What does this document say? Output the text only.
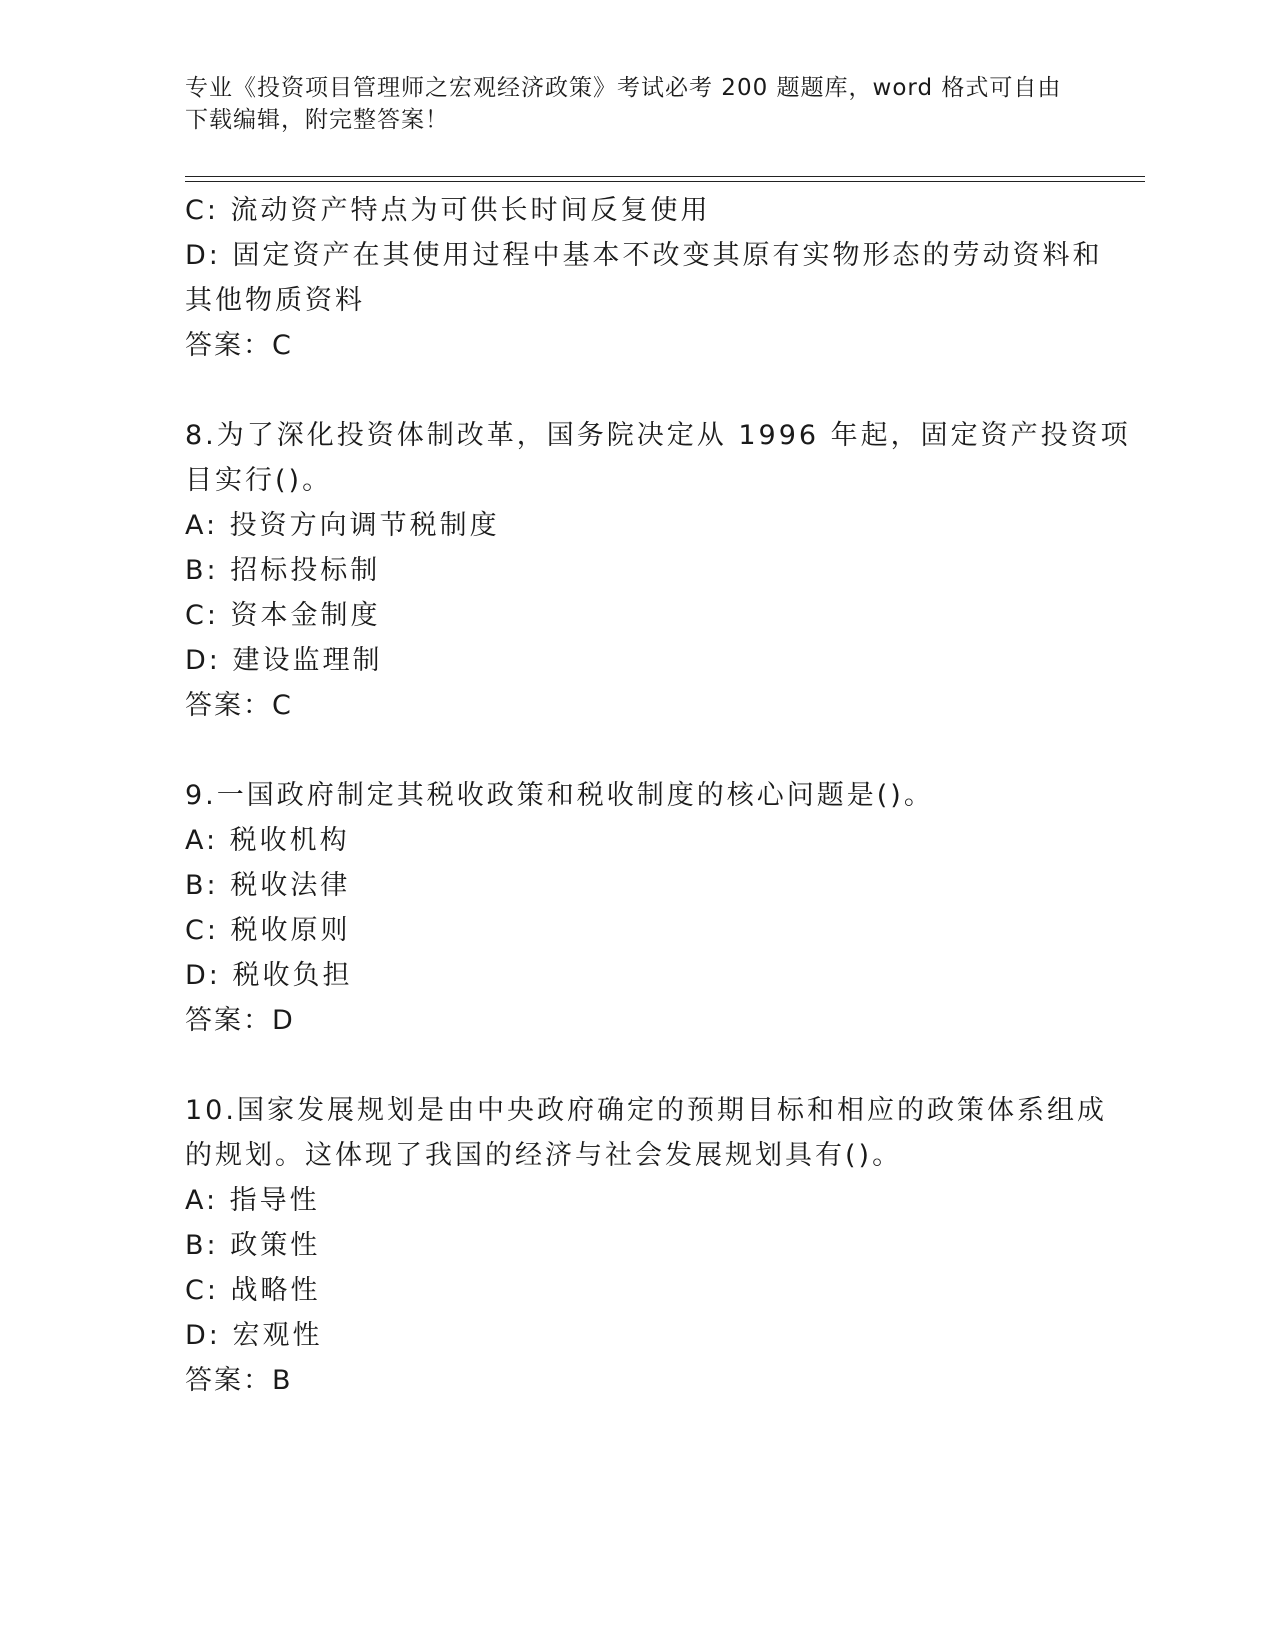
专业《投资项目管理师之宏观经济政策》考试必考 200 题题库，word 格式可自由
下载编辑，附完整答案！
C: 流动资产特点为可供长时间反复使用
D: 固定资产在其使用过程中基本不改变其原有实物形态的劳动资料和
其他物质资料
答案：C
8.为了深化投资体制改革，国务院决定从 1996 年起，固定资产投资项
目实行()。
A: 投资方向调节税制度
B: 招标投标制
C: 资本金制度
D: 建设监理制
答案：C
9.一国政府制定其税收政策和税收制度的核心问题是()。
A: 税收机构
B: 税收法律
C: 税收原则
D: 税收负担
答案：D
10.国家发展规划是由中央政府确定的预期目标和相应的政策体系组成
的规划。这体现了我国的经济与社会发展规划具有()。
A: 指导性
B: 政策性
C: 战略性
D: 宏观性
答案：B
